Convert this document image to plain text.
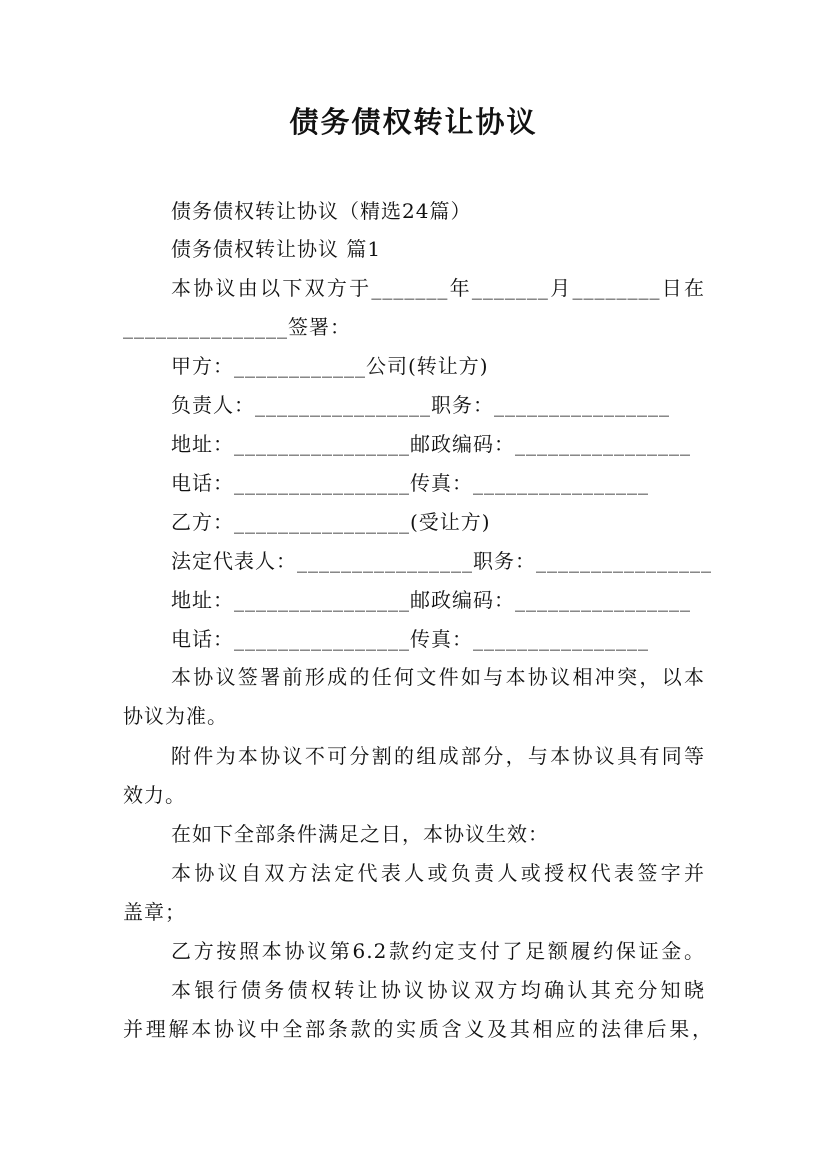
债务债权转让协议
债务债权转让协议（精选24篇）
债务债权转让协议 篇1
本协议由以下双方于_______年_______月________日在
_______________签署：
甲方：____________公司(转让方)
负责人：________________职务：________________
地址：________________邮政编码：________________
电话：________________传真：________________
乙方：________________(受让方)
法定代表人：________________职务：________________
地址：________________邮政编码：________________
电话：________________传真：________________
本协议签署前形成的任何文件如与本协议相冲突，以本
协议为准。
附件为本协议不可分割的组成部分，与本协议具有同等
效力。
在如下全部条件满足之日，本协议生效：
本协议自双方法定代表人或负责人或授权代表签字并
盖章；
乙方按照本协议第6.2款约定支付了足额履约保证金。
本银行债务债权转让协议协议双方均确认其充分知晓
并理解本协议中全部条款的实质含义及其相应的法律后果，
